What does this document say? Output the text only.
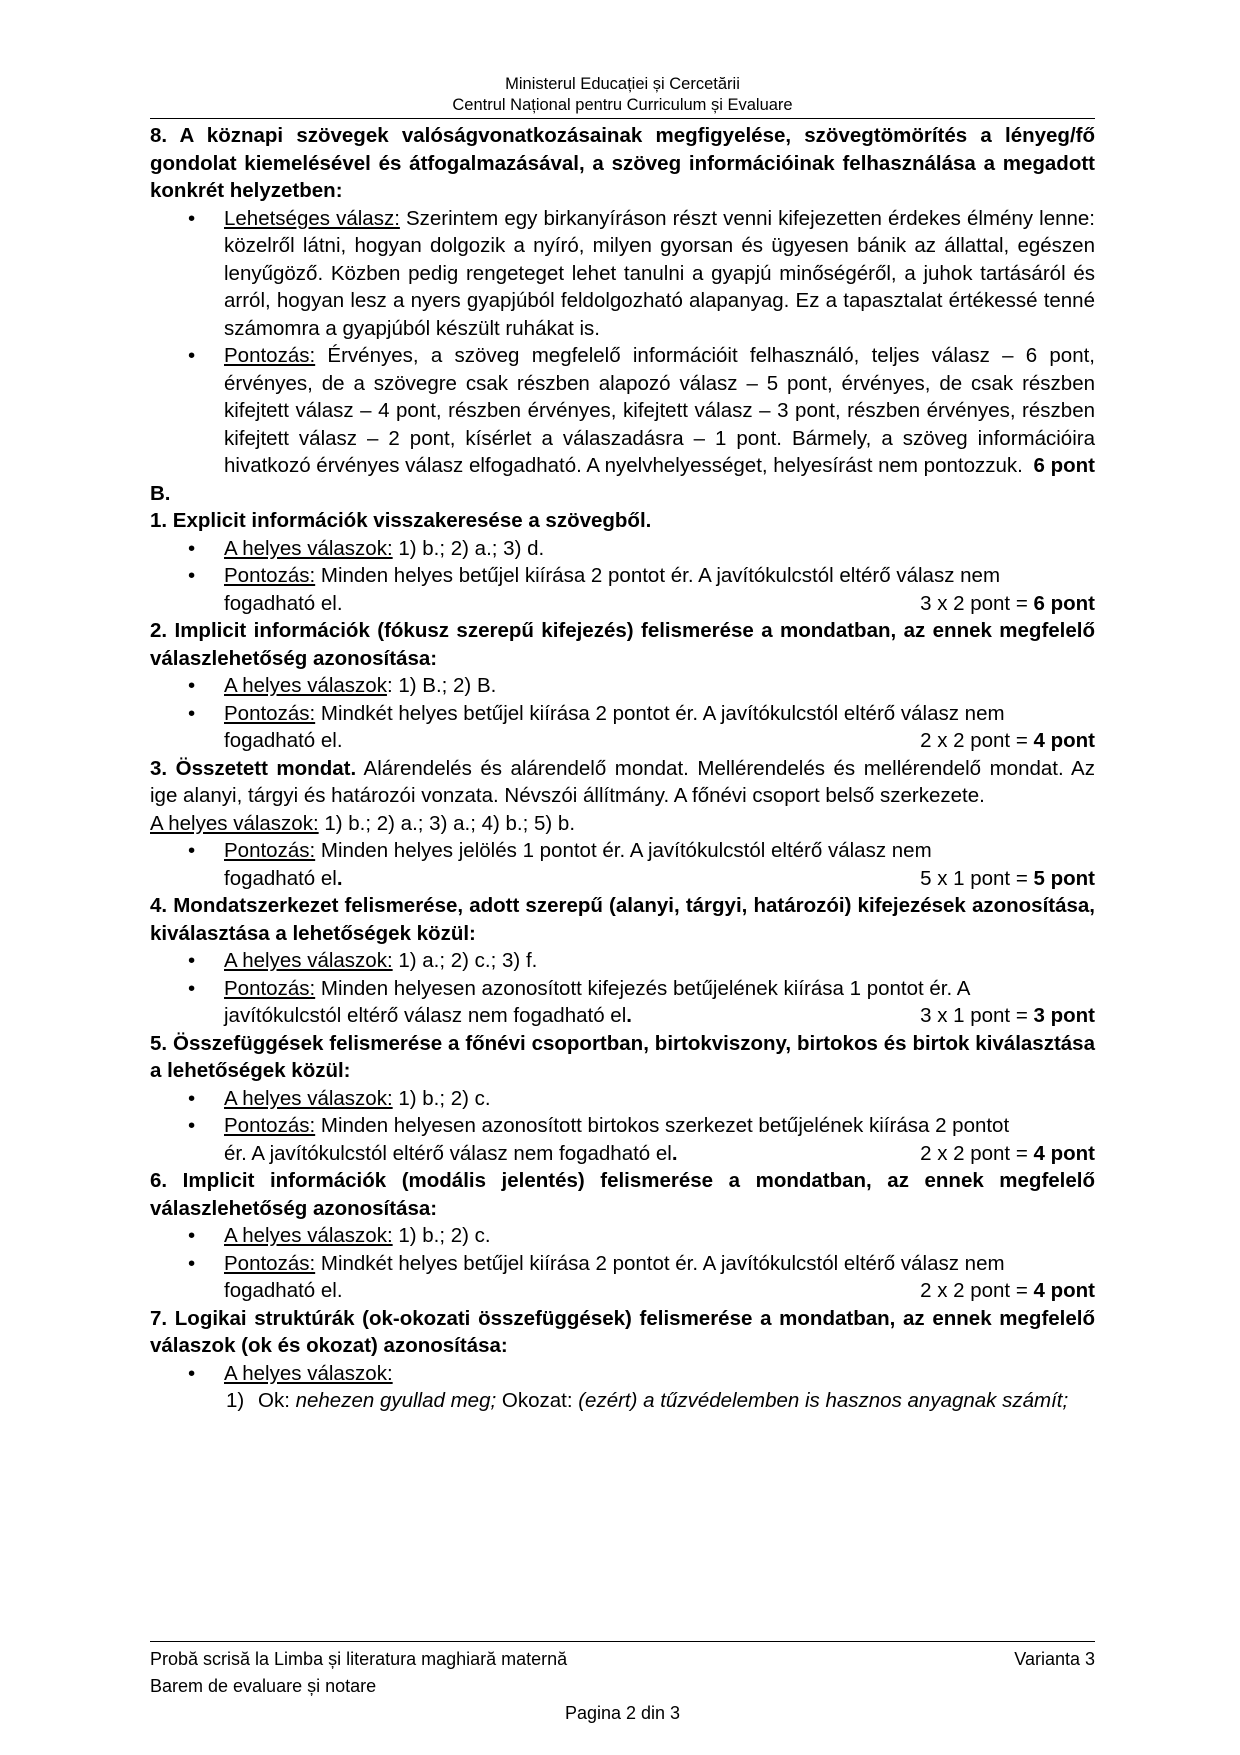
Ministerul Educației și Cercetării
Centrul Național pentru Curriculum și Evaluare

8. A köznapi szövegek valóságvonatkozásainak megfigyelése, szövegtömörítés a lényeg/fő gondolat kiemelésével és átfogalmazásával, a szöveg információinak felhasználása a megadott konkrét helyzetben:

• Lehetséges válasz: Szerintem egy birkanyíráson részt venni kifejezetten érdekes élmény lenne: közelről látni, hogyan dolgozik a nyíró, milyen gyorsan és ügyesen bánik az állattal, egészen lenyűgöző. Közben pedig rengeteget lehet tanulni a gyapjú minőségéről, a juhok tartásáról és arról, hogyan lesz a nyers gyapjúból feldolgozható alapanyag. Ez a tapasztalat értékessé tenné számomra a gyapjúból készült ruhákat is.
• Pontozás: Érvényes, a szöveg megfelelő információit felhasználó, teljes válasz – 6 pont, érvényes, de a szövegre csak részben alapozó válasz – 5 pont, érvényes, de csak részben kifejtett válasz – 4 pont, részben érvényes, kifejtett válasz – 3 pont, részben érvényes, részben kifejtett válasz – 2 pont, kísérlet a válaszadásra – 1 pont. Bármely, a szöveg információira hivatkozó érvényes válasz elfogadható. A nyelvhelyességet, helyesírást nem pontozzuk. 6 pont

B.

1. Explicit információk visszakeresése a szövegből.

• A helyes válaszok: 1) b.; 2) a.; 3) d.
• Pontozás: Minden helyes betűjel kiírása 2 pontot ér. A javítókulcstól eltérő válasz nem
fogadható el.	3 x 2 pont = 6 pont

2. Implicit információk (fókusz szerepű kifejezés) felismerése a mondatban, az ennek megfelelő válaszlehetőség azonosítása:

• A helyes válaszok: 1) B.; 2) B.
• Pontozás: Mindkét helyes betűjel kiírása 2 pontot ér. A javítókulcstól eltérő válasz nem
fogadható el.	2 x 2 pont = 4 pont

3. Összetett mondat. Alárendelés és alárendelő mondat. Mellérendelés és mellérendelő mondat. Az ige alanyi, tárgyi és határozói vonzata. Névszói állítmány. A főnévi csoport belső szerkezete.

A helyes válaszok: 1) b.; 2) a.; 3) a.; 4) b.; 5) b.

• Pontozás: Minden helyes jelölés 1 pontot ér. A javítókulcstól eltérő válasz nem
fogadható el.	5 x 1 pont = 5 pont

4. Mondatszerkezet felismerése, adott szerepű (alanyi, tárgyi, határozói) kifejezések azonosítása, kiválasztása a lehetőségek közül:

• A helyes válaszok: 1) a.; 2) c.; 3) f.
• Pontozás: Minden helyesen azonosított kifejezés betűjelének kiírása 1 pontot ér. A
javítókulcstól eltérő válasz nem fogadható el.	3 x 1 pont = 3 pont

5. Összefüggések felismerése a főnévi csoportban, birtokviszony, birtokos és birtok kiválasztása a lehetőségek közül:

• A helyes válaszok: 1) b.; 2) c.
• Pontozás: Minden helyesen azonosított birtokos szerkezet betűjelének kiírása 2 pontot
ér. A javítókulcstól eltérő válasz nem fogadható el.	2 x 2 pont = 4 pont

6. Implicit információk (modális jelentés) felismerése a mondatban, az ennek megfelelő válaszlehetőség azonosítása:

• A helyes válaszok: 1) b.; 2) c.
• Pontozás: Mindkét helyes betűjel kiírása 2 pontot ér. A javítókulcstól eltérő válasz nem
fogadható el.	2 x 2 pont = 4 pont

7. Logikai struktúrák (ok-okozati összefüggések) felismerése a mondatban, az ennek megfelelő válaszok (ok és okozat) azonosítása:

• A helyes válaszok:
1) Ok: nehezen gyullad meg; Okozat: (ezért) a tűzvédelemben is hasznos anyagnak számít;
Probă scrisă la Limba și literatura maghiară maternă	Varianta 3
Barem de evaluare și notare
Pagina 2 din 3
